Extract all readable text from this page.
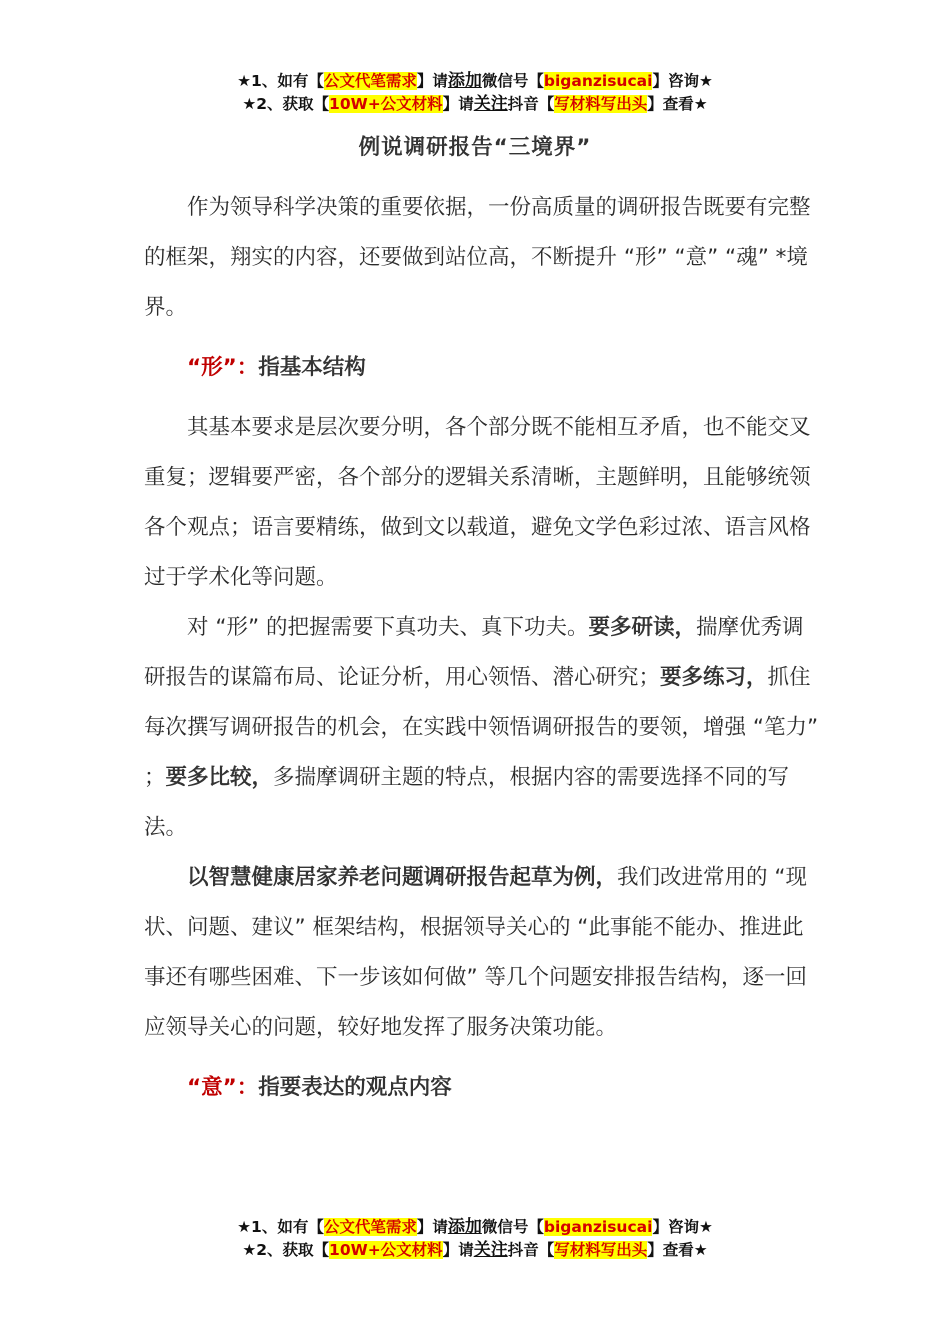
★1、如有【公文代笔需求】请添加微信号【biganzisucai】咨询★
★2、获取【10W+公文材料】请关注抖音【写材料写出头】查看★
例说调研报告“三境界”

作为领导科学决策的重要依据，一份高质量的调研报告既要有完整的框架，翔实的内容，还要做到站位高，不断提升 “形” “意” “魂” *境界。

“形”：指基本结构

其基本要求是层次要分明，各个部分既不能相互矛盾，也不能交叉重复；逻辑要严密，各个部分的逻辑关系清晰，主题鲜明，且能够统领各个观点；语言要精练，做到文以载道，避免文学色彩过浓、语言风格过于学术化等问题。

对 “形” 的把握需要下真功夫、真下功夫。要多研读，揣摩优秀调研报告的谋篇布局、论证分析，用心领悟、潜心研究；要多练习，抓住每次撰写调研报告的机会，在实践中领悟调研报告的要领，增强 “笔力” ；要多比较，多揣摩调研主题的特点，根据内容的需要选择不同的写法。

以智慧健康居家养老问题调研报告起草为例，我们改进常用的 “现状、问题、建议” 框架结构，根据领导关心的 “此事能不能办、推进此事还有哪些困难、下一步该如何做” 等几个问题安排报告结构，逐一回应领导关心的问题，较好地发挥了服务决策功能。

“意”：指要表达的观点内容
★1、如有【公文代笔需求】请添加微信号【biganzisucai】咨询★
★2、获取【10W+公文材料】请关注抖音【写材料写出头】查看★
